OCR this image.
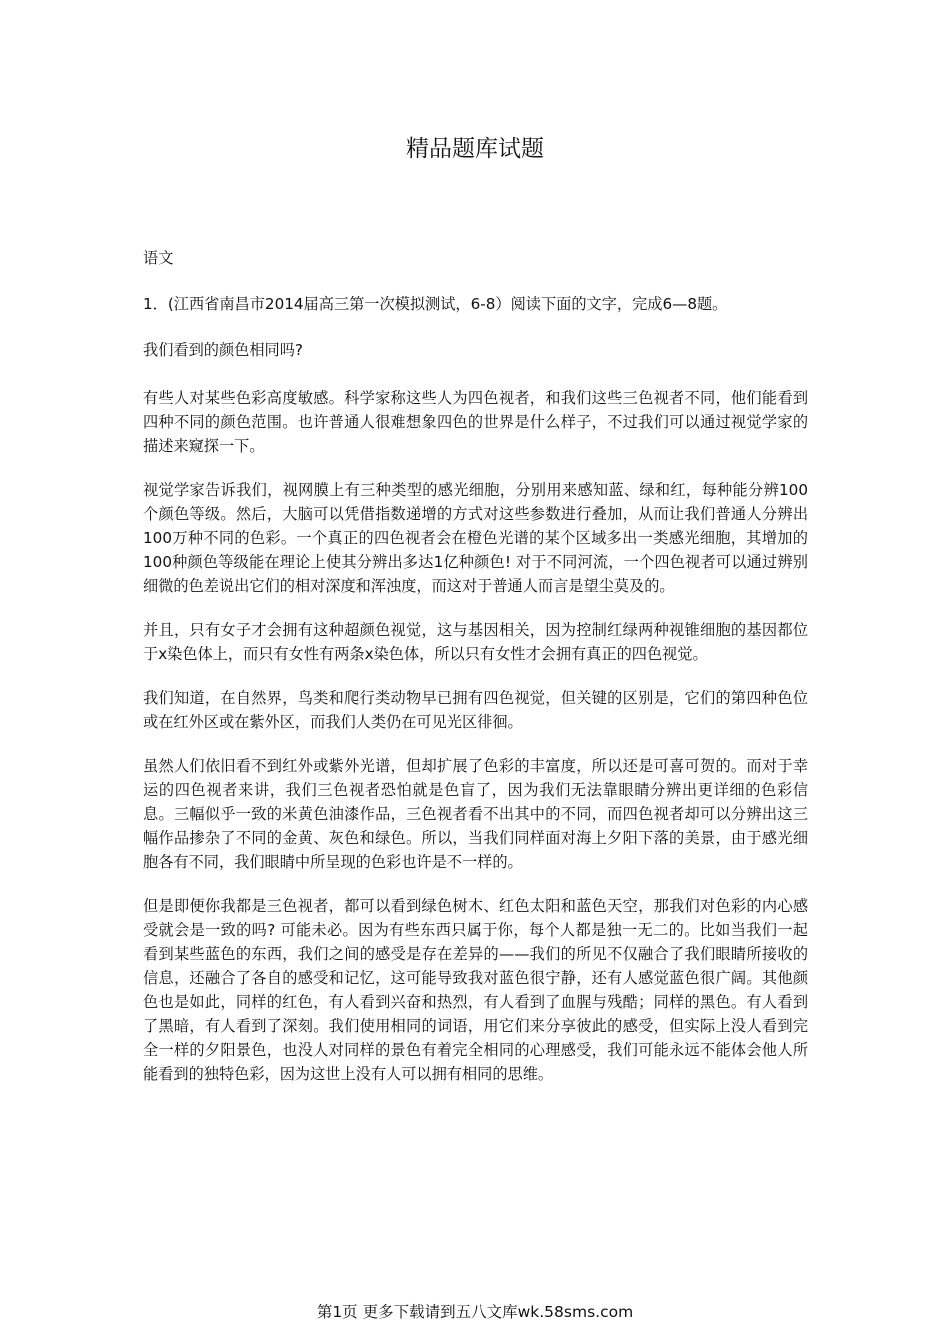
精品题库试题

语文

1．(江西省南昌市2014届高三第一次模拟测试，6-8）阅读下面的文字，完成6—8题。

我们看到的颜色相同吗?

有些人对某些色彩高度敏感。科学家称这些人为四色视者，和我们这些三色视者不同，他们能看到四种不同的颜色范围。也许普通人很难想象四色的世界是什么样子，不过我们可以通过视觉学家的描述来窥探一下。

视觉学家告诉我们，视网膜上有三种类型的感光细胞，分别用来感知蓝、绿和红，每种能分辨100个颜色等级。然后，大脑可以凭借指数递增的方式对这些参数进行叠加，从而让我们普通人分辨出100万种不同的色彩。一个真正的四色视者会在橙色光谱的某个区域多出一类感光细胞，其增加的100种颜色等级能在理论上使其分辨出多达1亿种颜色! 对于不同河流，一个四色视者可以通过辨别细微的色差说出它们的相对深度和浑浊度，而这对于普通人而言是望尘莫及的。

并且，只有女子才会拥有这种超颜色视觉，这与基因相关，因为控制红绿两种视锥细胞的基因都位于x染色体上，而只有女性有两条x染色体，所以只有女性才会拥有真正的四色视觉。

我们知道，在自然界，鸟类和爬行类动物早已拥有四色视觉，但关键的区别是，它们的第四种色位或在红外区或在紫外区，而我们人类仍在可见光区徘徊。

虽然人们依旧看不到红外或紫外光谱，但却扩展了色彩的丰富度，所以还是可喜可贺的。而对于幸运的四色视者来讲，我们三色视者恐怕就是色盲了，因为我们无法靠眼睛分辨出更详细的色彩信息。三幅似乎一致的米黄色油漆作品，三色视者看不出其中的不同，而四色视者却可以分辨出这三幅作品掺杂了不同的金黄、灰色和绿色。所以，当我们同样面对海上夕阳下落的美景，由于感光细胞各有不同，我们眼睛中所呈现的色彩也许是不一样的。

但是即便你我都是三色视者，都可以看到绿色树木、红色太阳和蓝色天空，那我们对色彩的内心感受就会是一致的吗? 可能未必。因为有些东西只属于你，每个人都是独一无二的。比如当我们一起看到某些蓝色的东西，我们之间的感受是存在差异的——我们的所见不仅融合了我们眼睛所接收的信息，还融合了各自的感受和记忆，这可能导致我对蓝色很宁静，还有人感觉蓝色很广阔。其他颜色也是如此，同样的红色，有人看到兴奋和热烈，有人看到了血腥与残酷；同样的黑色。有人看到了黑暗，有人看到了深刻。我们使用相同的词语，用它们来分享彼此的感受，但实际上没人看到完全一样的夕阳景色，也没人对同样的景色有着完全相同的心理感受，我们可能永远不能体会他人所能看到的独特色彩，因为这世上没有人可以拥有相同的思维。

第1页 更多下载请到五八文库wk.58sms.com
